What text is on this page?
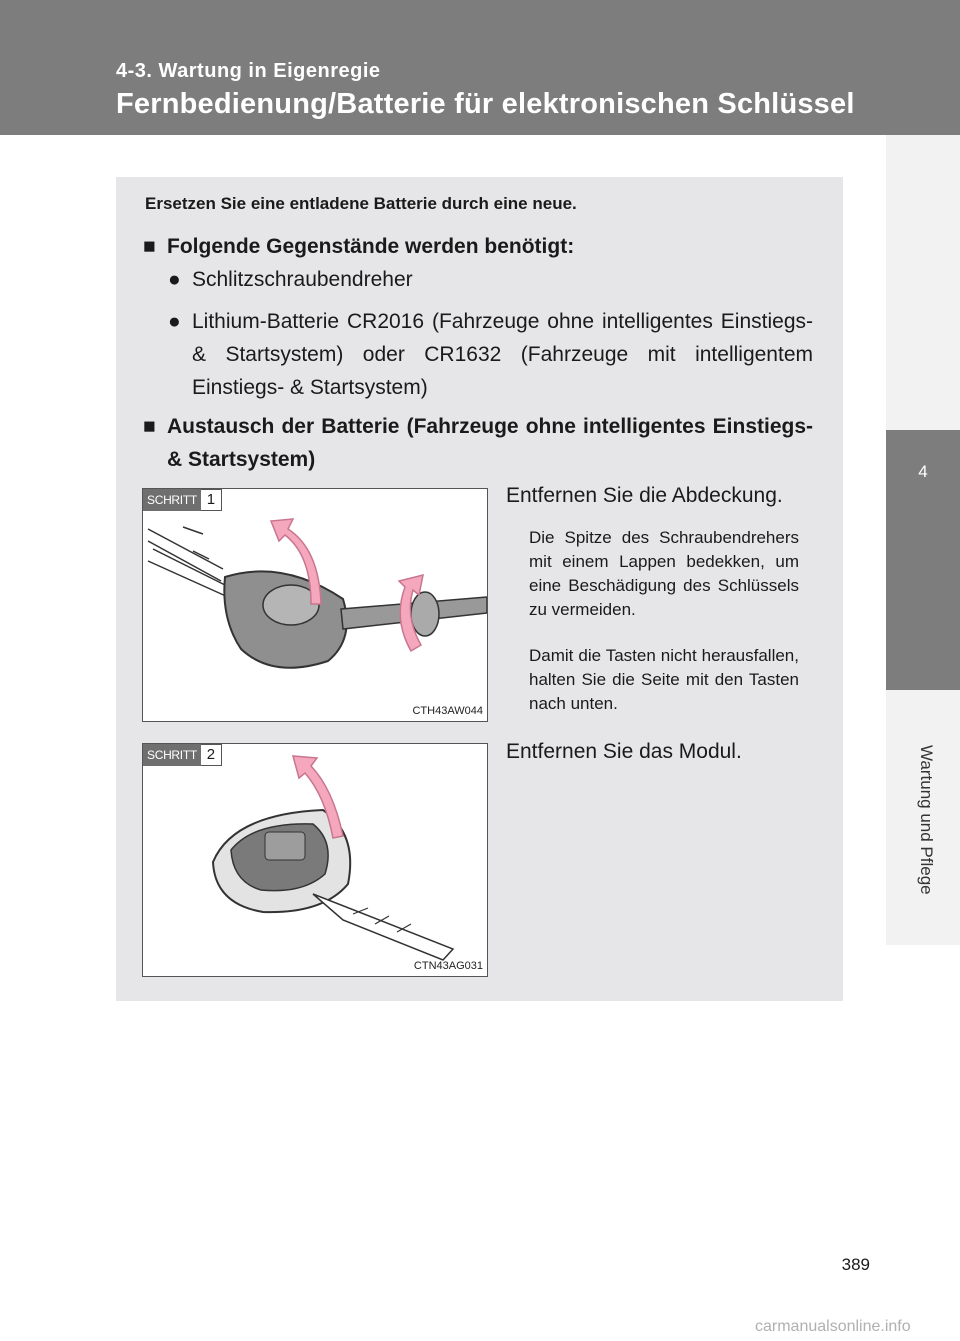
4-3. Wartung in Eigenregie
Fernbedienung/Batterie für elektronischen Schlüssel
4
Wartung und Pflege
Ersetzen Sie eine entladene Batterie durch eine neue.
■ Folgende Gegenstände werden benötigt:
● Schlitzschraubendreher
● Lithium-Batterie CR2016 (Fahrzeuge ohne intelligentes Einstiegs- & Startsystem) oder CR1632 (Fahrzeuge mit intelligentem Einstiegs- & Startsystem)
■ Austausch der Batterie (Fahrzeuge ohne intelligentes Einstiegs- & Startsystem)
SCHRITT 1
CTH43AW044
Entfernen Sie die Abdeckung.
Die Spitze des Schraubendrehers mit einem Lappen bedekken, um eine Beschädigung des Schlüssels zu vermeiden.
Damit die Tasten nicht herausfallen, halten Sie die Seite mit den Tasten nach unten.
SCHRITT 2
CTN43AG031
Entfernen Sie das Modul.
389
carmanualsonline.info
